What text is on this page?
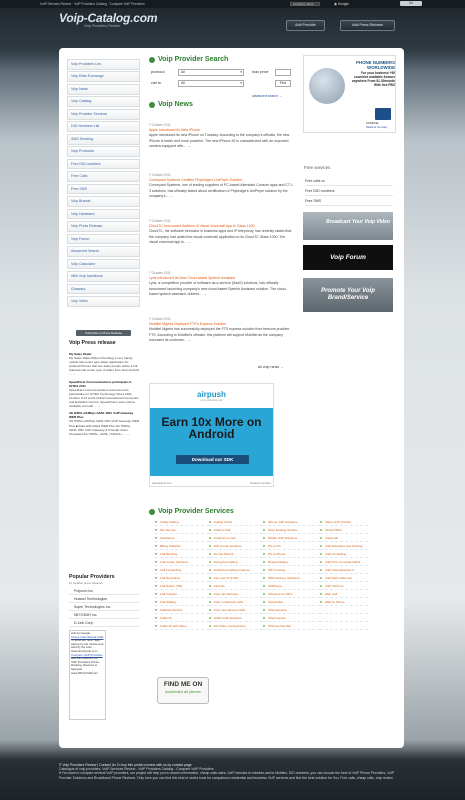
VoIP Services Review · VoIP Providers Catalog · Compare VoIP Providers	company name	◉ Google	Go
Voip-Catalog.com
Voip Providers Review	Add Provider	Add Press Release
Voip Providers List
Voip Rate Exchange
Voip News
Voip Catalog
Voip Provider Services
DID Numbers List
SMS Sending
Voip Protocols
Free DID numbers
Free Calls
Free SMS
Voip Brands
Voip Hardware
Voip Press Release
Voip Forum
Advanced Search
Voip Calculator
Wiki Voip handbook
Glossary
Voip Video
Subscribe to Press Release
Voip Press release

My Sales Dialer
My Sales Dialer(Patent Pending) a very handy mobile call center type dialer application for Android Phones that lets sales people utilize a full-featured call center type of dialer from their android ... →

SpeedFlow Communications participate in GITEX 2011
SpeedFlow Communications announced its participation in GITEX Technology Week 2011, October 9-13 at the Dubai International Convention and Exhibition Centre. SpeedFlow's team will be available at booth ... →

3G HSPA+21Mbps ADSL WiFi VoIP Gateway WEB Plus
3G HSPA+21Mbps ADSL WiFi VoIP Gateway WEB Plus ■ Robust&Unified WEB Plus 3G HSPA+ ADSL WiFi VoIP Gateway & Firewall router integrated 3G HSPA+, ADSL / ADSL2+ ... →

Popular Providers
by creation press releases
Polycom Inc
Huawei Technologies
Super Technologies Inc.
NETGEAR Inc.
D-Link Corp.
Ads by Google
Cheap International Calls
To send per hour. Skip paying by the minute and start by the hour ...
www.hourlyvoip.com
Compare VoIP Providers
Get the Lowdown on VoIP Providers Prices, Ranking, Reviews & Specials
www.WhichVoIP.com
Voip Provider Search
protocol	All ▾	max price
call to	All ▾	Find
advanced search →
Voip News
7 October 2011
Apple Introduced Its New iPhone
Apple introduced its new iPhone on Tuesday. According to the company's officials, the new iPhone is faster and more powerful. The new iPhone 4S is characterized with an improved camera equipped with... →
7 October 2011
Conveyant Systems Certified Phybridge's UniPhyer Solution
Conveyant Systems, one of leading suppliers of PC-based Attendant Console apps and CT-I-3 solutions, has officially stated about certification of Phybridge's UniPhyer solution by the company's... →
7 October 2011
CloudTC Announced Addition of Visual Voicemail App to Glass 1000
CloudTC, the software innovator in business apps and IP telephony, has recently stated that the company had added the visual voicemail application to its CloudTC Glass 1000. The visual voicemail app is... →
7 October 2011
Lyris Introduced Its New Cloud-based Speech Assistant
Lyris, a competitive provider of software-as-a-service (SaaS) solutions, has officially announced launching company's new cloud-based Speech Assistant solution. The cloud-based speech assistant, dubbed... →
7 October 2011
Mobiltel Nigeria Deployed FTS's Express Solution
Mobiltel Nigeria has successfully deployed the FTS express solution from telecom provider FTS. According to Mobiltel's officials, this platform will support Mobiltel as the company increases its customer... →
all voip news →
airpush
push notification ads
Earn 10x More on Android
Download our SDK
www.airpush.com	Reklama na Cafey
Voip Provider Services
3-Way Calling	Calling Cards	Iphone VoIP Solutions	Video VoIP (VVoIP)
911 Service	Click-to-Call	Keep Existing Number	Virtual Office
Assistance	Conference Call	Mobile VoIP Solutions	Voicemail
Billing Software	DID (Local numbers)	PC-to-PC	VoIP Education and Hosting
Call Blocking	Do Not Disturb	PC-to-Phone	VoIP Consulting
Call Center Solutions	Encrypted Calling	Repeat Dialing	VoIP FCC Compliant E911
Call Forwarding	Enhanced Calling Features	SIP Trunking	VoIP International A-Z
Call Recording	Fax over IP (FoIP)	SMS Delivery Solutions	VoIP Metro Ethernet
Call Return (*69)	Find Me	SoftPhone	VoIP Toll Free
Call Transfer	Free 411 Directory	Solutions for ISP's	Web Call
Call Waiting	Free In-Network Calls	Speed Dial	Web To Phone
Callback Service	Free International Calls	Telemarketing
Caller ID	QSIG VoIP Solutions	Telepresence
Caller ID with Name	HD Video Conferencing	Toll-Free Number
FIND ME ON
doubleclick ad planner
PHONE NUMBERS WORLDWIDE
For your business +50 countries available Answer anywhere From $1.30/month With free PBX
SONETEL
Reklama na Cafey
Free services
Free calls to
Free DID numbers
Free SMS
Broadcast Your Voip Video
Voip Forum
Promote Your Voip Brand/Service
© Voip Providers Review | Contact Us To buy this portal connect with us by contact page
Catalogue of voip providers, VoIP Services Review - VoIP Providers Catalog - Compare VoIP Providers
If You want to compare several VoIP providers, our project will help you to search information, cheap calls rates, VoIP minutes to minutes and to Mobiles, DID numbers, you can choose the best of VoIP Phone Providers, VoIP Provider Solutions and Broadband Phone Reviews. Only here you can find this kind of useful tools for comparison residential and business VoIP services and find the best solution for You. Free calls, cheap calls, voip review
